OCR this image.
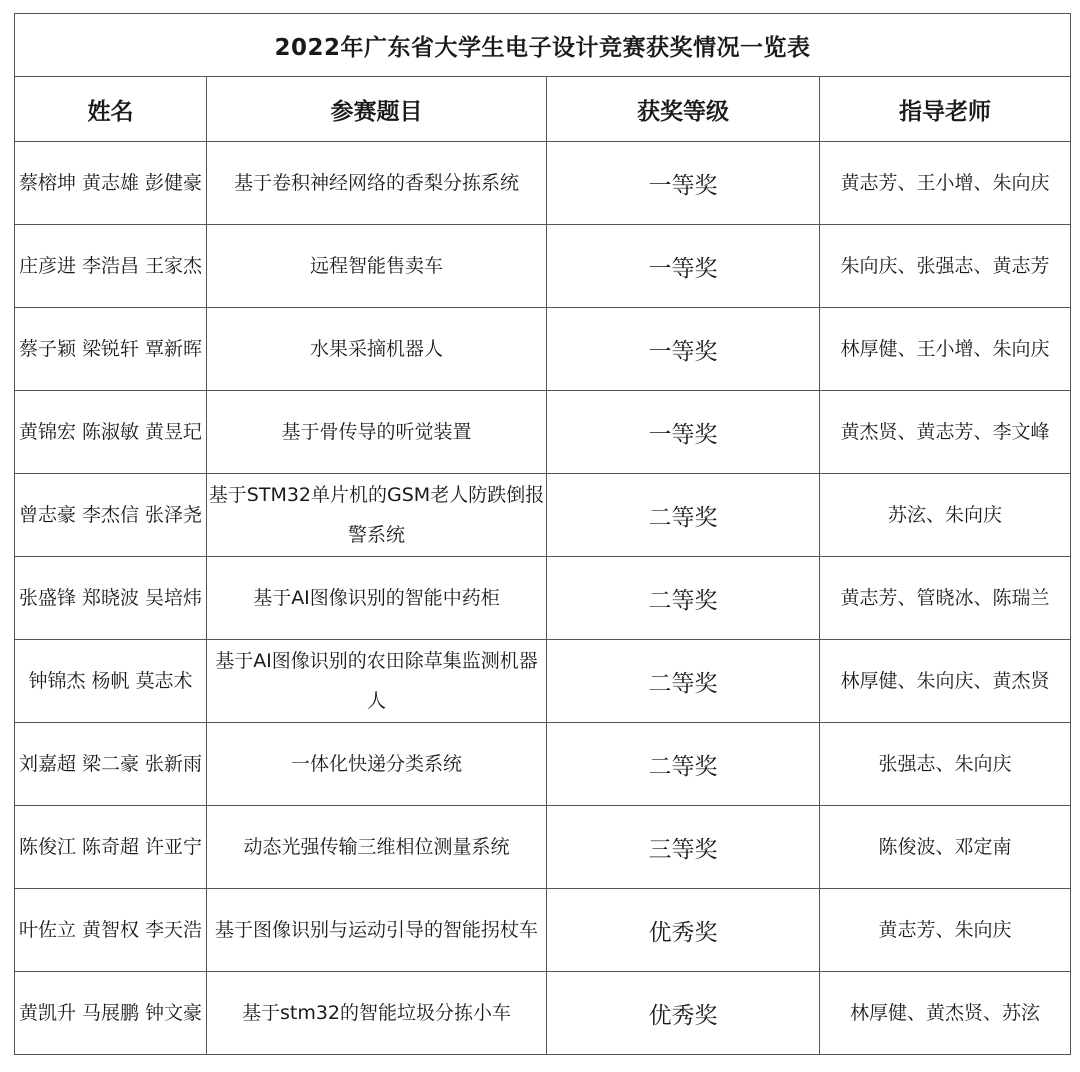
2022年广东省大学生电子设计竞赛获奖情况一览表			
姓名	参赛题目	获奖等级	指导老师
蔡榕坤 黄志雄 彭健豪	基于卷积神经网络的香梨分拣系统	一等奖	黄志芳、王小增、朱向庆
庄彦进 李浩昌 王家杰	远程智能售卖车	一等奖	朱向庆、张强志、黄志芳
蔡子颖 梁锐轩 覃新晖	水果采摘机器人	一等奖	林厚健、王小增、朱向庆
黄锦宏 陈淑敏 黄昱玘	基于骨传导的听觉装置	一等奖	黄杰贤、黄志芳、李文峰
曾志豪 李杰信 张泽尧	基于STM32单片机的GSM老人防跌倒报警系统	二等奖	苏泫、朱向庆
张盛锋 郑晓波 吴培炜	基于AI图像识别的智能中药柜	二等奖	黄志芳、管晓冰、陈瑞兰
钟锦杰 杨帆 莫志术	基于AI图像识别的农田除草集监测机器人	二等奖	林厚健、朱向庆、黄杰贤
刘嘉超 梁二豪 张新雨	一体化快递分类系统	二等奖	张强志、朱向庆
陈俊江 陈奇超 许亚宁	动态光强传输三维相位测量系统	三等奖	陈俊波、邓定南
叶佐立 黄智权 李天浩	基于图像识别与运动引导的智能拐杖车	优秀奖	黄志芳、朱向庆
黄凯升 马展鹏 钟文豪	基于stm32的智能垃圾分拣小车	优秀奖	林厚健、黄杰贤、苏泫
